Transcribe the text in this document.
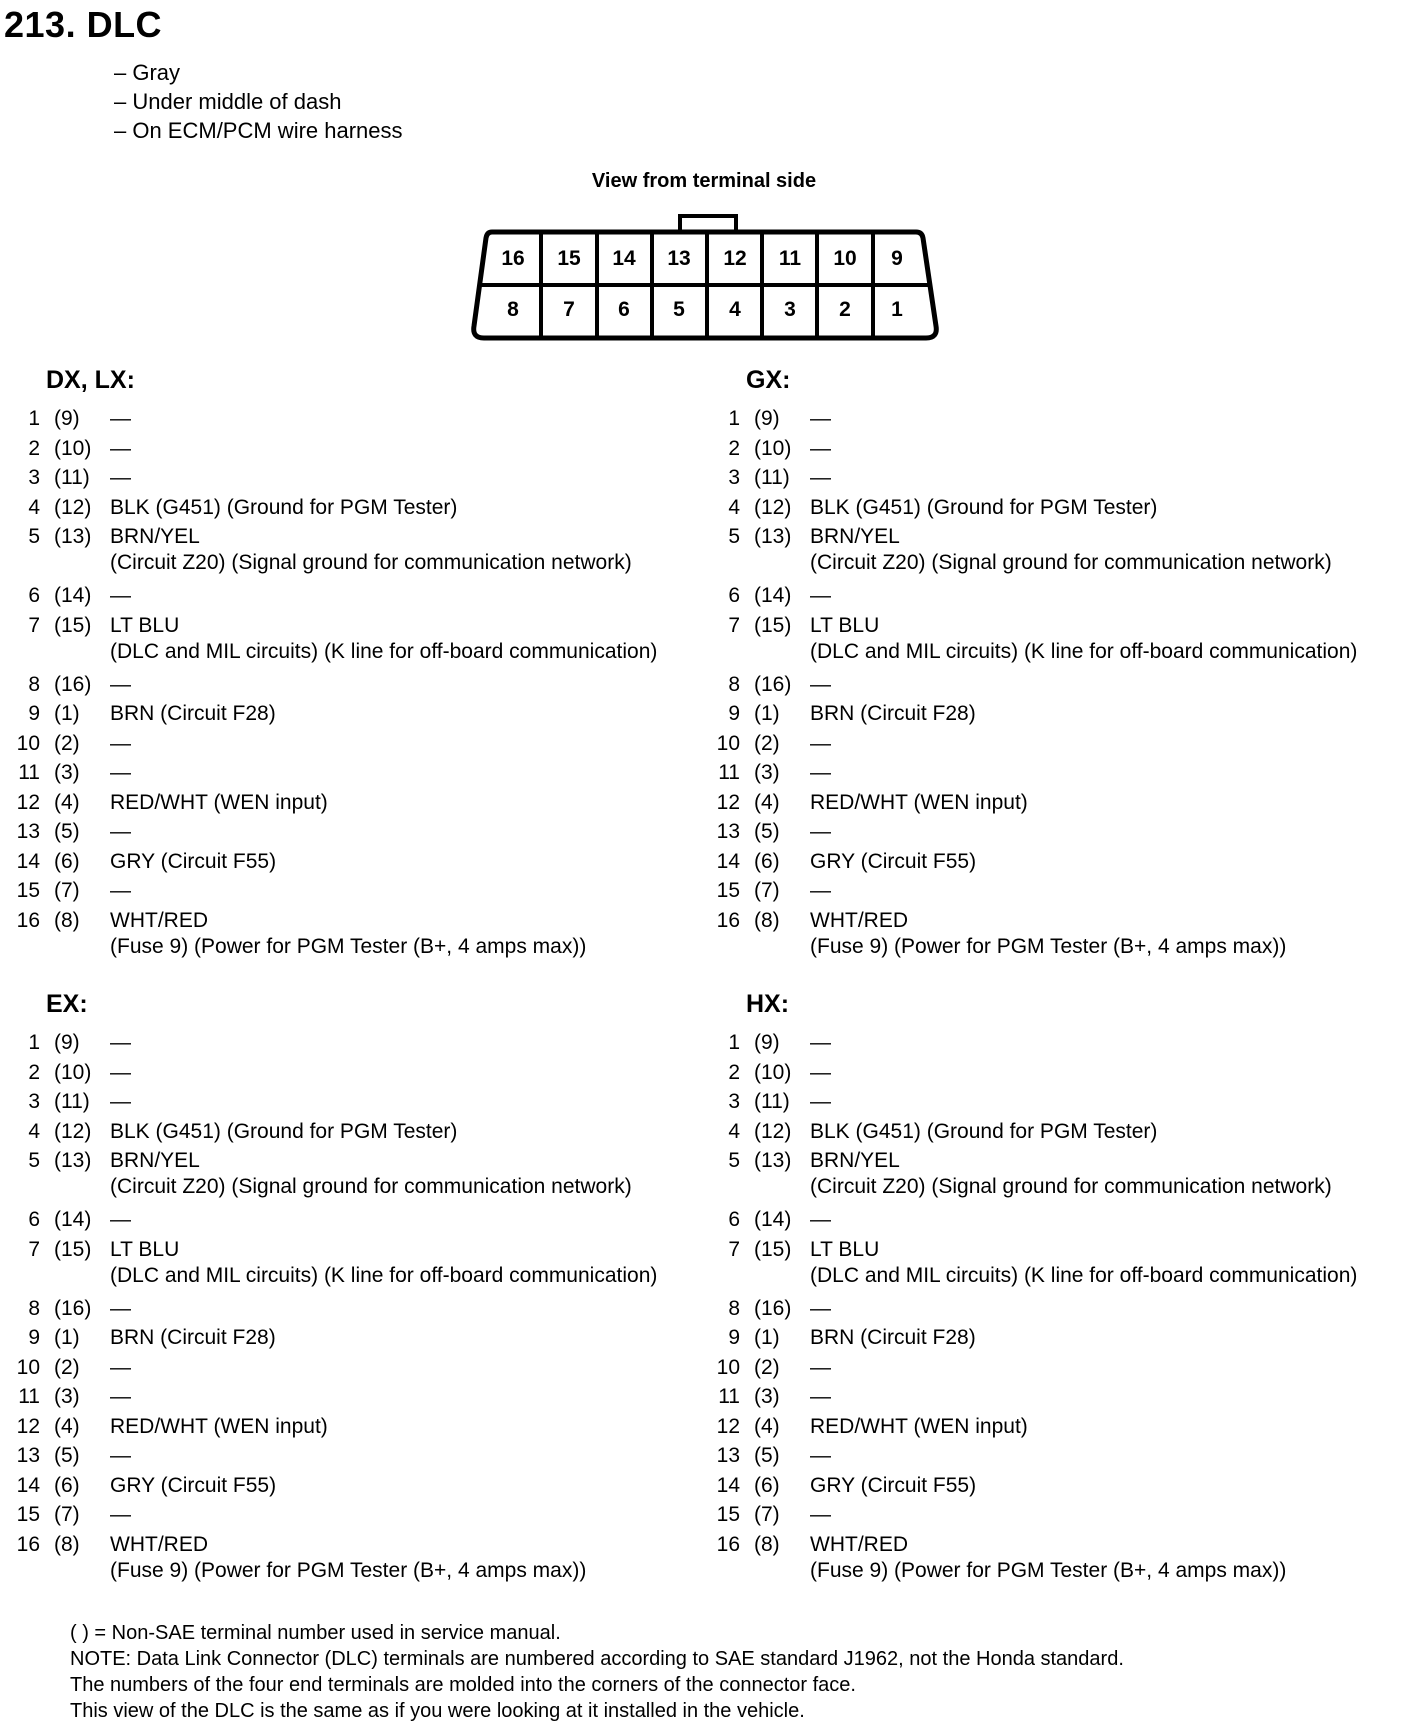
213. DLC
– Gray
– Under middle of dash
– On ECM/PCM wire harness
View from terminal side
16	15	14	13	12	11	10	9
8	7	6	5	4	3	2	1
DX, LX:
1 (9) —
2 (10) —
3 (11) —
4 (12) BLK (G451) (Ground for PGM Tester)
5 (13) BRN/YEL
(Circuit Z20) (Signal ground for communication network)
6 (14) —
7 (15) LT BLU
(DLC and MIL circuits) (K line for off-board communication)
8 (16) —
9 (1) BRN (Circuit F28)
10 (2) —
11 (3) —
12 (4) RED/WHT (WEN input)
13 (5) —
14 (6) GRY (Circuit F55)
15 (7) —
16 (8) WHT/RED
(Fuse 9) (Power for PGM Tester (B+, 4 amps max))
GX:
1 (9) —
2 (10) —
3 (11) —
4 (12) BLK (G451) (Ground for PGM Tester)
5 (13) BRN/YEL
(Circuit Z20) (Signal ground for communication network)
6 (14) —
7 (15) LT BLU
(DLC and MIL circuits) (K line for off-board communication)
8 (16) —
9 (1) BRN (Circuit F28)
10 (2) —
11 (3) —
12 (4) RED/WHT (WEN input)
13 (5) —
14 (6) GRY (Circuit F55)
15 (7) —
16 (8) WHT/RED
(Fuse 9) (Power for PGM Tester (B+, 4 amps max))
EX:
1 (9) —
2 (10) —
3 (11) —
4 (12) BLK (G451) (Ground for PGM Tester)
5 (13) BRN/YEL
(Circuit Z20) (Signal ground for communication network)
6 (14) —
7 (15) LT BLU
(DLC and MIL circuits) (K line for off-board communication)
8 (16) —
9 (1) BRN (Circuit F28)
10 (2) —
11 (3) —
12 (4) RED/WHT (WEN input)
13 (5) —
14 (6) GRY (Circuit F55)
15 (7) —
16 (8) WHT/RED
(Fuse 9) (Power for PGM Tester (B+, 4 amps max))
HX:
1 (9) —
2 (10) —
3 (11) —
4 (12) BLK (G451) (Ground for PGM Tester)
5 (13) BRN/YEL
(Circuit Z20) (Signal ground for communication network)
6 (14) —
7 (15) LT BLU
(DLC and MIL circuits) (K line for off-board communication)
8 (16) —
9 (1) BRN (Circuit F28)
10 (2) —
11 (3) —
12 (4) RED/WHT (WEN input)
13 (5) —
14 (6) GRY (Circuit F55)
15 (7) —
16 (8) WHT/RED
(Fuse 9) (Power for PGM Tester (B+, 4 amps max))
( ) = Non-SAE terminal number used in service manual.
NOTE: Data Link Connector (DLC) terminals are numbered according to SAE standard J1962, not the Honda standard.
The numbers of the four end terminals are molded into the corners of the connector face.
This view of the DLC is the same as if you were looking at it installed in the vehicle.
